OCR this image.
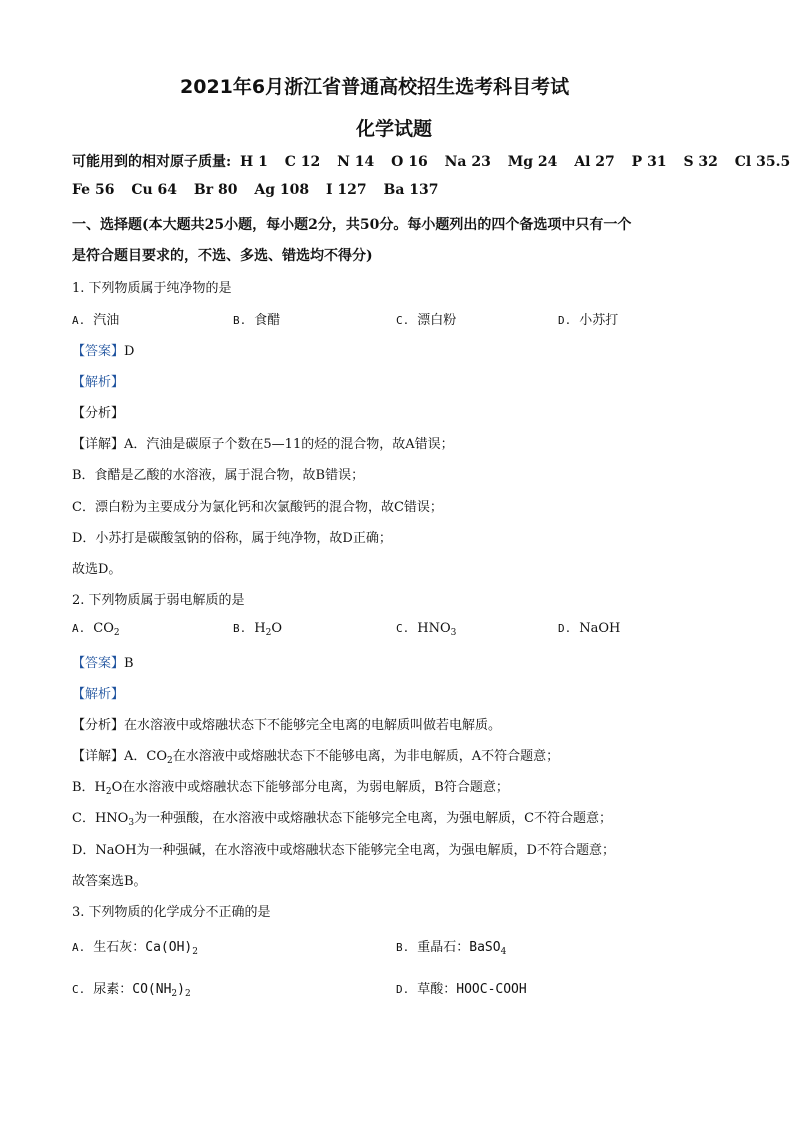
2021年6月浙江省普通高校招生选考科目考试
化学试题
可能用到的相对原子质量: H 1 C 12 N 14 O 16 Na 23 Mg 24 Al 27 P 31 S 32 Cl 35.5
Fe 56 Cu 64 Br 80 Ag 108 I 127 Ba 137
一、选择题(本大题共25小题，每小题2分，共50分。每小题列出的四个备选项中只有一个
是符合题目要求的，不选、多选、错选均不得分)
1. 下列物质属于纯净物的是
A. 汽油	B. 食醋	C. 漂白粉	D. 小苏打
【答案】D
【解析】
【分析】
【详解】A．汽油是碳原子个数在5—11的烃的混合物，故A错误；
B．食醋是乙酸的水溶液，属于混合物，故B错误；
C．漂白粉为主要成分为氯化钙和次氯酸钙的混合物，故C错误；
D．小苏打是碳酸氢钠的俗称，属于纯净物，故D正确；
故选D。
2. 下列物质属于弱电解质的是
A. $CO_2$	B. $H_2O$	C. $HNO_3$	D. NaOH
【答案】B
【解析】
【分析】在水溶液中或熔融状态下不能够完全电离的电解质叫做若电解质。
【详解】A．$CO_2$在水溶液中或熔融状态下不能够电离，为非电解质，A不符合题意；
B．$H_2O$在水溶液中或熔融状态下能够部分电离，为弱电解质，B符合题意；
C．$HNO_3$为一种强酸，在水溶液中或熔融状态下能够完全电离，为强电解质，C不符合题意；
D．NaOH为一种强碱，在水溶液中或熔融状态下能够完全电离，为强电解质，D不符合题意；
故答案选B。
3. 下列物质的化学成分不正确的是
A. 生石灰：$Ca(OH)_2$	B. 重晶石：BaSO$_4$
C. 尿素：$CO(NH_2)_2$	D. 草酸：HOOC-COOH
